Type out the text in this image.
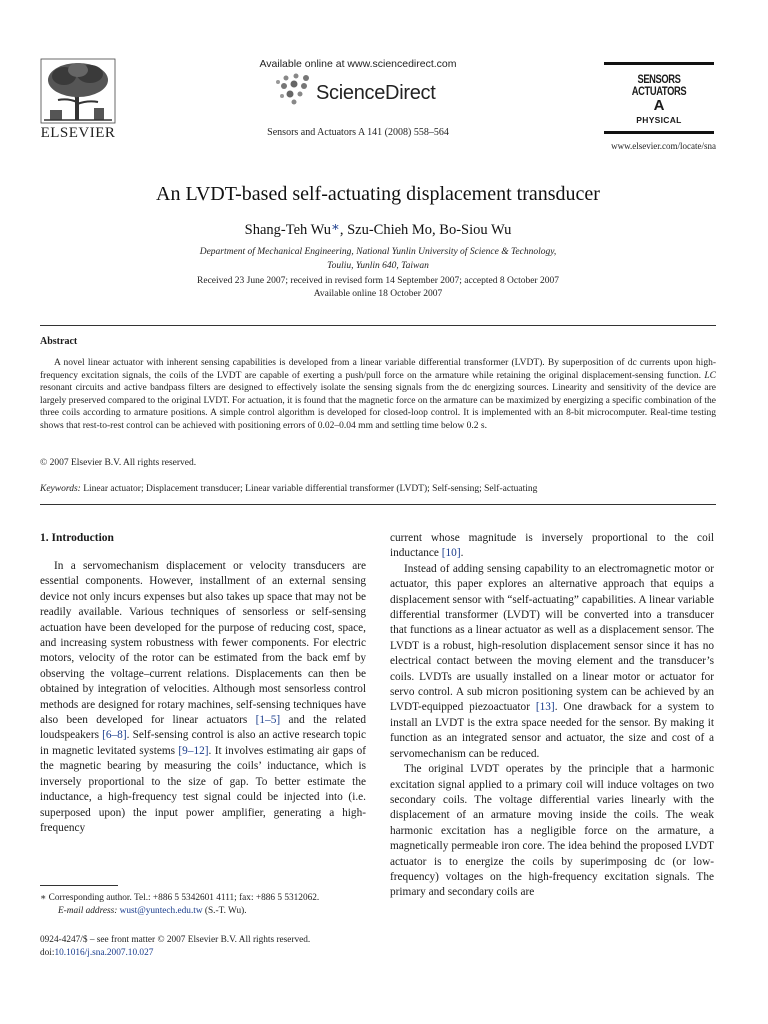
ELSEVIER
Available online at www.sciencedirect.com
ScienceDirect
Sensors and Actuators A 141 (2008) 558–564
SENSORS
ACTUATORS
A
PHYSICAL
www.elsevier.com/locate/sna
An LVDT-based self-actuating displacement transducer
Shang-Teh Wu∗, Szu-Chieh Mo, Bo-Siou Wu
Department of Mechanical Engineering, National Yunlin University of Science & Technology,
Touliu, Yunlin 640, Taiwan
Received 23 June 2007; received in revised form 14 September 2007; accepted 8 October 2007
Available online 18 October 2007
Abstract

A novel linear actuator with inherent sensing capabilities is developed from a linear variable differential transformer (LVDT). By superposition of dc currents upon high-frequency excitation signals, the coils of the LVDT are capable of exerting a push/pull force on the armature while retaining the original displacement-sensing function. LC resonant circuits and active bandpass filters are designed to effectively isolate the sensing signals from the dc energizing sources. Linearity and sensitivity of the device are largely preserved compared to the original LVDT. For actuation, it is found that the magnetic force on the armature can be maximized by energizing a specific combination of the three coils according to armature positions. A simple control algorithm is developed for closed-loop control. It is implemented with an 8-bit microcomputer. Real-time testing shows that rest-to-rest control can be achieved with positioning errors of 0.02–0.04 mm and settling time below 0.2 s.

© 2007 Elsevier B.V. All rights reserved.
Keywords: Linear actuator; Displacement transducer; Linear variable differential transformer (LVDT); Self-sensing; Self-actuating
1. Introduction

In a servomechanism displacement or velocity transducers are essential components. However, installment of an external sensing device not only incurs expenses but also takes up space that may not be readily available. Various techniques of sensorless or self-sensing actuation have been developed for the purpose of reducing cost, space, and increasing system robustness with fewer components. For electric motors, velocity of the rotor can be estimated from the back emf by observing the voltage–current relations. Displacements can then be obtained by integration of velocities. Although most sensorless control methods are designed for rotary machines, self-sensing techniques have also been developed for linear actuators [1–5] and the related loudspeakers [6–8]. Self-sensing control is also an active research topic in magnetic levitated systems [9–12]. It involves estimating air gaps of the magnetic bearing by measuring the coils’ inductance, which is inversely proportional to the size of gap. To better estimate the inductance, a high-frequency test signal could be injected into (i.e. superposed upon) the input power amplifier, generating a high-frequency

current whose magnitude is inversely proportional to the coil inductance [10].

Instead of adding sensing capability to an electromagnetic motor or actuator, this paper explores an alternative approach that equips a displacement sensor with “self-actuating” capabilities. A linear variable differential transformer (LVDT) will be converted into a transducer that functions as a linear actuator as well as a displacement sensor. The LVDT is a robust, high-resolution displacement sensor since it has no electrical contact between the moving element and the transducer’s coils. LVDTs are usually installed on a linear motor or actuator for servo control. A sub micron positioning system can be achieved by an LVDT-equipped piezoactuator [13]. One drawback for a system to install an LVDT is the extra space needed for the sensor. By making it function as an integrated sensor and actuator, the size and cost of a servomechanism can be reduced.

The original LVDT operates by the principle that a harmonic excitation signal applied to a primary coil will induce voltages on two secondary coils. The voltage differential varies linearly with the displacement of an armature moving inside the coils. The weak harmonic excitation has a negligible force on the armature, a magnetically permeable iron core. The idea behind the proposed LVDT actuator is to energize the coils by superimposing dc (or low-frequency) voltages on the high-frequency excitation signals. The primary and secondary coils are

∗ Corresponding author. Tel.: +886 5 5342601 4111; fax: +886 5 5312062.
E-mail address: wust@yuntech.edu.tw (S.-T. Wu).
0924-4247/$ – see front matter © 2007 Elsevier B.V. All rights reserved.
doi:10.1016/j.sna.2007.10.027
